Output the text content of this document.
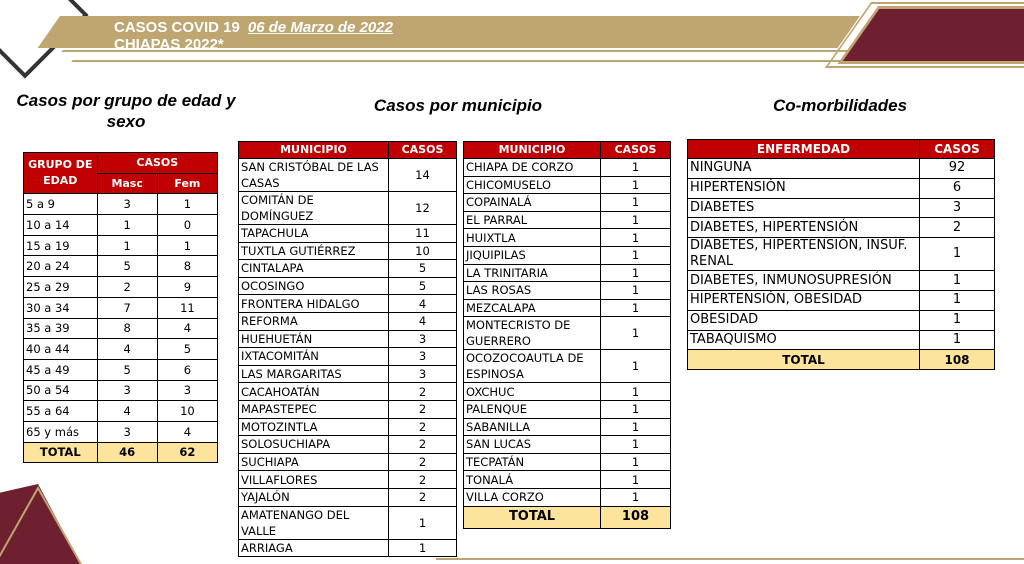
CASOS COVID 19 06 de Marzo de 2022
CHIAPAS 2022*
Casos por grupo de edad y sexo
Casos por municipio	Co-morbilidades
GRUPO DE EDAD	CASOS	
	Masc	Fem
5 a 9	3	1
10 a 14	1	0
15 a 19	1	1
20 a 24	5	8
25 a 29	2	9
30 a 34	7	11
35 a 39	8	4
40 a 44	4	5
45 a 49	5	6
50 a 54	3	3
55 a 64	4	10
65 y más	3	4
TOTAL	46	62
MUNICIPIO	CASOS
SAN CRISTÓBAL DE LAS CASAS	14
COMITÁN DE DOMÍNGUEZ	12
TAPACHULA	11
TUXTLA GUTIÉRREZ	10
CINTALAPA	5
OCOSINGO	5
FRONTERA HIDALGO	4
REFORMA	4
HUEHUETÁN	3
IXTACOMITÁN	3
LAS MARGARITAS	3
CACAHOATÁN	2
MAPASTEPEC	2
MOTOZINTLA	2
SOLOSUCHIAPA	2
SUCHIAPA	2
VILLAFLORES	2
YAJALÓN	2
AMATENANGO DEL VALLE	1
ARRIAGA	1
MUNICIPIO	CASOS
CHIAPA DE CORZO	1
CHICOMUSELO	1
COPAINALÁ	1
EL PARRAL	1
HUIXTLA	1
JIQUIPILAS	1
LA TRINITARIA	1
LAS ROSAS	1
MEZCALAPA	1
MONTECRISTO DE GUERRERO	1
OCOZOCOAUTLA DE ESPINOSA	1
OXCHUC	1
PALENQUE	1
SABANILLA	1
SAN LUCAS	1
TECPATÁN	1
TONALÁ	1
VILLA CORZO	1
TOTAL	108
ENFERMEDAD	CASOS
NINGUNA	92
HIPERTENSIÓN	6
DIABETES	3
DIABETES, HIPERTENSIÓN	2
DIABETES, HIPERTENSIÓN, INSUF. RENAL	1
DIABETES, INMUNOSUPRESIÓN	1
HIPERTENSIÓN, OBESIDAD	1
OBESIDAD	1
TABAQUISMO	1
TOTAL	108
